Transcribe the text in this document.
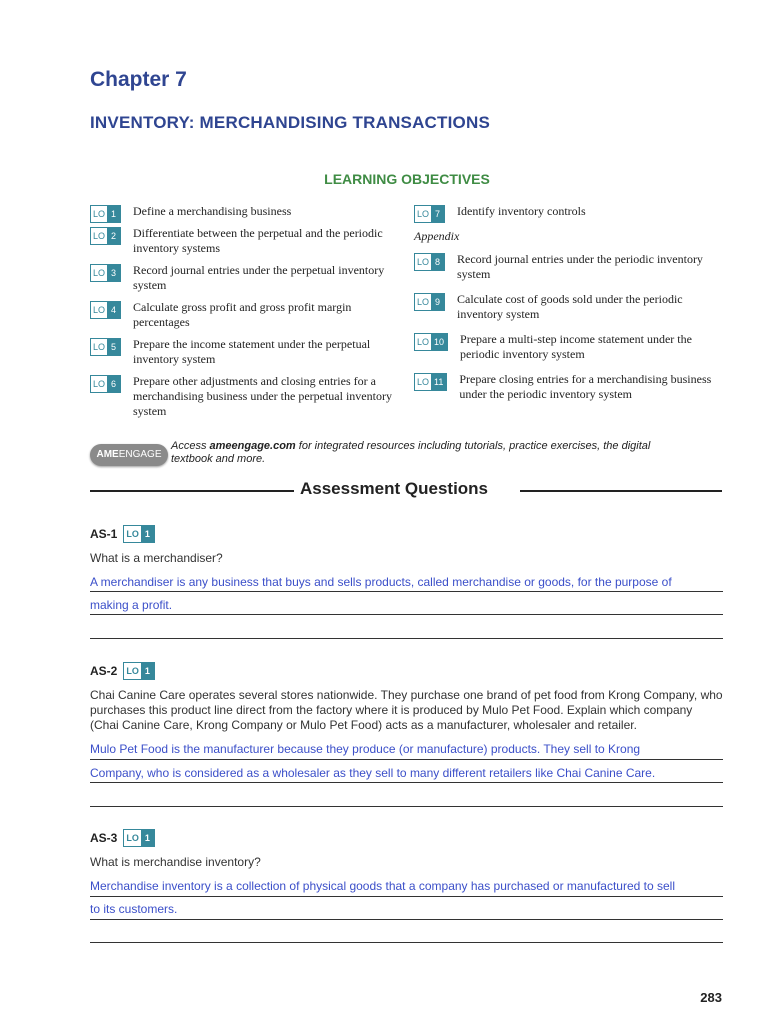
Chapter 7
INVENTORY: MERCHANDISING TRANSACTIONS
LEARNING OBJECTIVES
LO 1	Define a merchandising business
LO 2	Differentiate between the perpetual and the periodic inventory systems
LO 3	Record journal entries under the perpetual inventory system
LO 4	Calculate gross profit and gross profit margin percentages
LO 5	Prepare the income statement under the perpetual inventory system
LO 6	Prepare other adjustments and closing entries for a merchandising business under the perpetual inventory system
LO 7	Identify inventory controls
Appendix
LO 8	Record journal entries under the periodic inventory system
LO 9	Calculate cost of goods sold under the periodic inventory system
LO 10 Prepare a multi-step income statement under the periodic inventory system
LO 11 Prepare closing entries for a merchandising business under the periodic inventory system
AMEENGAGE
Access ameengage.com for integrated resources including tutorials, practice exercises, the digital textbook and more.
Assessment Questions
AS-1 LO 1
What is a merchandiser?
A merchandiser is any business that buys and sells products, called merchandise or goods, for the purpose of
making a profit.
AS-2 LO 1
Chai Canine Care operates several stores nationwide. They purchase one brand of pet food from Krong Company, who purchases this product line direct from the factory where it is produced by Mulo Pet Food. Explain which company (Chai Canine Care, Krong Company or Mulo Pet Food) acts as a manufacturer, wholesaler and retailer.
Mulo Pet Food is the manufacturer because they produce (or manufacture) products. They sell to Krong
Company, who is considered as a wholesaler as they sell to many different retailers like Chai Canine Care.
AS-3 LO 1
What is merchandise inventory?
Merchandise inventory is a collection of physical goods that a company has purchased or manufactured to sell
to its customers.
283
